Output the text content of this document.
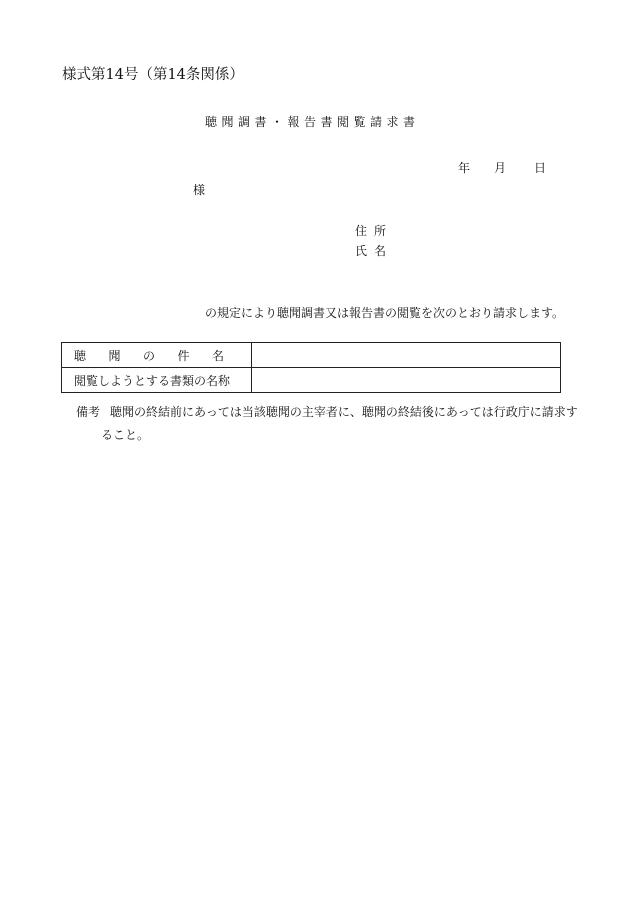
様式第14号（第14条関係）
聴聞調書・報告書閲覧請求書
年 月 日
様
住所
氏名
の規定により聴聞調書又は報告書の閲覧を次のとおり請求します。
聴 聞 の 件 名	

閲覧しようとする書類の名称	
備考 聴聞の終結前にあっては当該聴聞の主宰者に、聴聞の終結後にあっては行政庁に請求す
ること。
